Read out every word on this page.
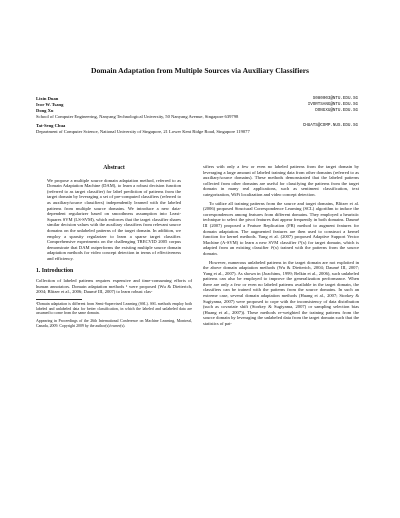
Domain Adaptation from Multiple Sources via Auxiliary Classifiers
Lixin Duan	S080003@NTU.EDU.SG
Ivor W. Tsang	IVORTSANG@NTU.EDU.SG
Dong Xu	DONGXU@NTU.EDU.SG
School of Computer Engineering, Nanyang Technological University, 50 Nanyang Avenue, Singapore 639798
Tat-Seng Chua	CHUATS@COMP.NUS.EDU.SG
Department of Computer Science, National University of Singapore, 21 Lower Kent Ridge Road, Singapore 119077
Abstract
We propose a multiple source domain adaptation method, referred to as Domain Adaptation Machine (DAM), to learn a robust decision function (referred to as target classifier) for label prediction of patterns from the target domain by leveraging a set of pre-computed classifiers (referred to as auxiliary/source classifiers) independently learned with the labeled patterns from multiple source domains. We introduce a new data-dependent regularizer based on smoothness assumption into Least-Squares SVM (LS-SVM), which enforces that the target classifier shares similar decision values with the auxiliary classifiers from relevant source domains on the unlabeled patterns of the target domain. In addition, we employ a sparsity regularizer to learn a sparse target classifier. Comprehensive experiments on the challenging TRECVID 2005 corpus demonstrate that DAM outperforms the existing multiple source domain adaptation methods for video concept detection in terms of effectiveness and efficiency.
1. Introduction
Collection of labeled patterns requires expensive and time-consuming efforts of human annotators. Domain adaptation methods ¹ were proposed (Wu & Dietterich, 2004; Blitzer et al., 2006; Daumé III, 2007) to learn robust clas-
¹Domain adaptation is different from Semi-Supervised Learning (SSL). SSL methods employ both labeled and unlabeled data for better classification, in which the labeled and unlabeled data are assumed to come from the same domain.
Appearing in Proceedings of the 26th International Conference on Machine Learning, Montreal, Canada, 2009. Copyright 2009 by the author(s)/owner(s).
sifiers with only a few or even no labeled patterns from the target domain by leveraging a large amount of labeled training data from other domains (referred to as auxiliary/source domains). These methods demonstrated that the labeled patterns collected from other domains are useful for classifying the patterns from the target domain in many real applications, such as sentiment classification, text categorization, WiFi localization and video concept detection.
To utilize all training patterns from the source and target domains, Blitzer et al. (2006) proposed Structural Correspondence Learning (SCL) algorithm to induce the correspondences among features from different domains. They employed a heuristic technique to select the pivot features that appear frequently in both domains. Daumé III (2007) proposed a Feature Replication (FR) method to augment features for domain adaptation. The augmented features are then used to construct a kernel function for kernel methods. Yang et al. (2007) proposed Adaptive Support Vector Machine (A-SVM) to learn a new SVM classifier fᵀ(x) for target domain, which is adapted from an existing classifier fˢ(x) trained with the patterns from the source domain.
However, numerous unlabeled patterns in the target domain are not exploited in the above domain adaptation methods (Wu & Dietterich, 2004; Daumé III, 2007; Yang et al., 2007). As shown in (Joachims, 1999; Belkin et al., 2006), such unlabeled patterns can also be employed to improve the generalization performance. When there are only a few or even no labeled patterns available in the target domain, the classifiers can be trained with the patterns from the source domains. In such an extreme case, several domain adaptation methods (Huang et al., 2007; Storkey & Sugiyama, 2007) were proposed to cope with the inconsistency of data distribution (such as covariate shift (Storkey & Sugiyama, 2007) or sampling selection bias (Huang et al., 2007)). These methods re-weighted the training patterns from the source domain by leveraging the unlabeled data from the target domain such that the statistics of pat-
